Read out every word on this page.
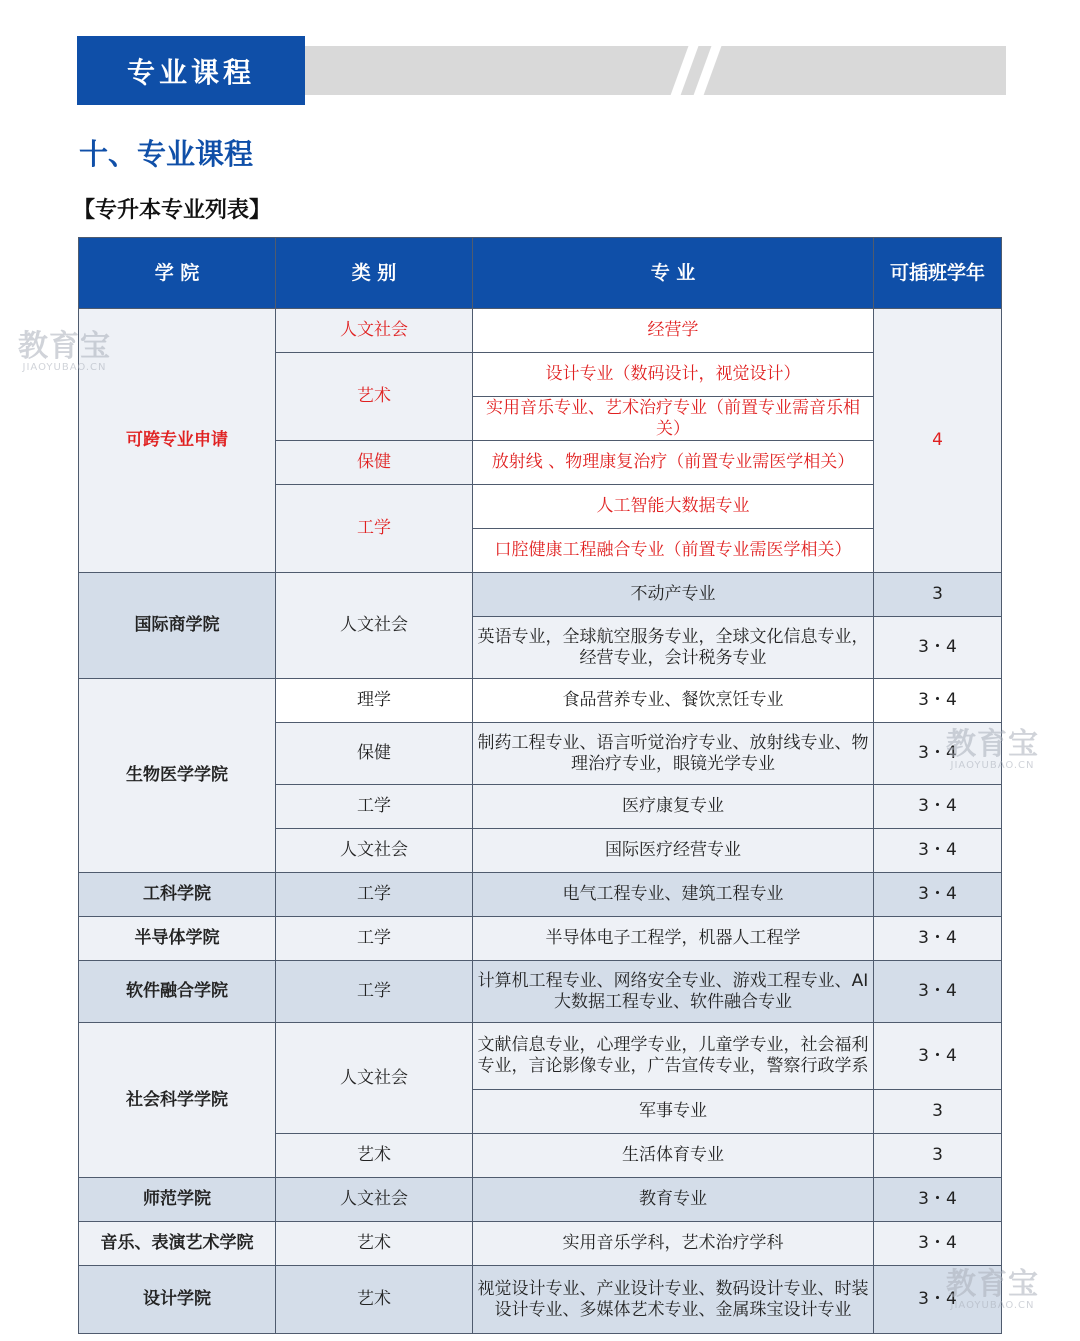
专业课程
十、专业课程
【专升本专业列表】
学 院	类 别	专 业	可插班学年
可跨专业申请	人文社会	经营学	4
	艺术	设计专业（数码设计，视觉设计）	
		实用音乐专业、艺术治疗专业（前置专业需音乐相关）	
	保健	放射线 、物理康复治疗（前置专业需医学相关）	
	工学	人工智能大数据专业	
		口腔健康工程融合专业（前置专业需医学相关）	
国际商学院	人文社会	不动产专业	3
		英语专业，全球航空服务专业，全球文化信息专业，经营专业，会计税务专业	3・4
生物医学学院	理学	食品营养专业、餐饮烹饪专业	3・4
	保健	制药工程专业、语言听觉治疗专业、放射线专业、物理治疗专业，眼镜光学专业	3・4
	工学	医疗康复专业	3・4
	人文社会	国际医疗经营专业	3・4
工科学院	工学	电气工程专业、建筑工程专业	3・4
半导体学院	工学	半导体电子工程学，机器人工程学	3・4
软件融合学院	工学	计算机工程专业、网络安全专业、游戏工程专业、AI大数据工程专业、软件融合专业	3・4
社会科学学院	人文社会	文献信息专业，心理学专业，儿童学专业，社会福利专业，言论影像专业，广告宣传专业，警察行政学系	3・4
		军事专业	3
	艺术	生活体育专业	3
师范学院	人文社会	教育专业	3・4
音乐、表演艺术学院	艺术	实用音乐学科，艺术治疗学科	3・4
设计学院	艺术	视觉设计专业、产业设计专业、数码设计专业、时装设计专业、多媒体艺术专业、金属珠宝设计专业	3・4
教育宝
JIAOYUBAO.CN
教育宝
JIAOYUBAO.CN
教育宝
JIAOYUBAO.CN
